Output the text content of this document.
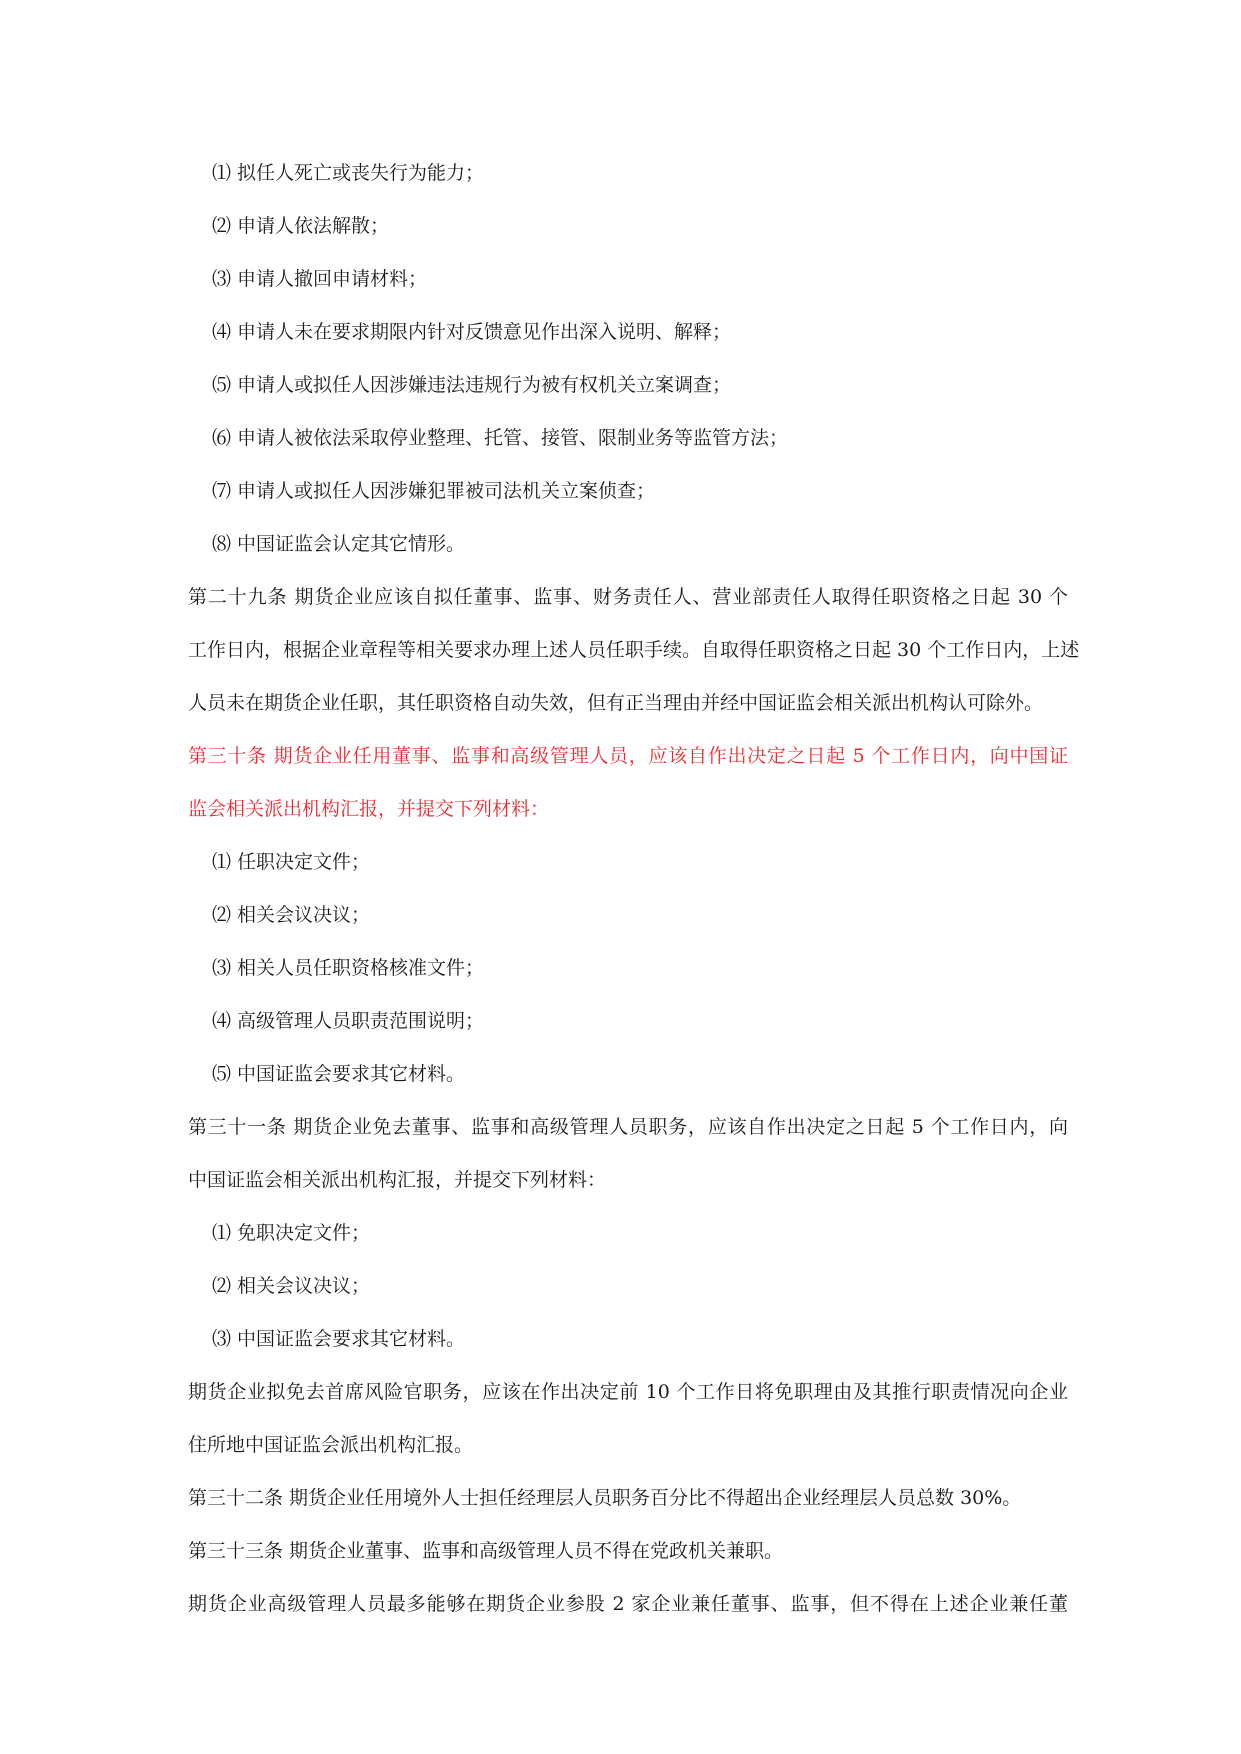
⑴ 拟任人死亡或丧失行为能力；
⑵ 申请人依法解散；
⑶ 申请人撤回申请材料；
⑷ 申请人未在要求期限内针对反馈意见作出深入说明、解释；
⑸ 申请人或拟任人因涉嫌违法违规行为被有权机关立案调查；
⑹ 申请人被依法采取停业整理、托管、接管、限制业务等监管方法；
⑺ 申请人或拟任人因涉嫌犯罪被司法机关立案侦查；
⑻ 中国证监会认定其它情形。
第二十九条 期货企业应该自拟任董事、监事、财务责任人、营业部责任人取得任职资格之日起 30 个
工作日内，根据企业章程等相关要求办理上述人员任职手续。自取得任职资格之日起 30 个工作日内，上述
人员未在期货企业任职，其任职资格自动失效，但有正当理由并经中国证监会相关派出机构认可除外。
第三十条 期货企业任用董事、监事和高级管理人员，应该自作出决定之日起 5 个工作日内，向中国证
监会相关派出机构汇报，并提交下列材料：
⑴ 任职决定文件；
⑵ 相关会议决议；
⑶ 相关人员任职资格核准文件；
⑷ 高级管理人员职责范围说明；
⑸ 中国证监会要求其它材料。
第三十一条 期货企业免去董事、监事和高级管理人员职务，应该自作出决定之日起 5 个工作日内，向
中国证监会相关派出机构汇报，并提交下列材料：
⑴ 免职决定文件；
⑵ 相关会议决议；
⑶ 中国证监会要求其它材料。
期货企业拟免去首席风险官职务，应该在作出决定前 10 个工作日将免职理由及其推行职责情况向企业
住所地中国证监会派出机构汇报。
第三十二条 期货企业任用境外人士担任经理层人员职务百分比不得超出企业经理层人员总数 30%。
第三十三条 期货企业董事、监事和高级管理人员不得在党政机关兼职。
期货企业高级管理人员最多能够在期货企业参股 2 家企业兼任董事、监事，但不得在上述企业兼任董
